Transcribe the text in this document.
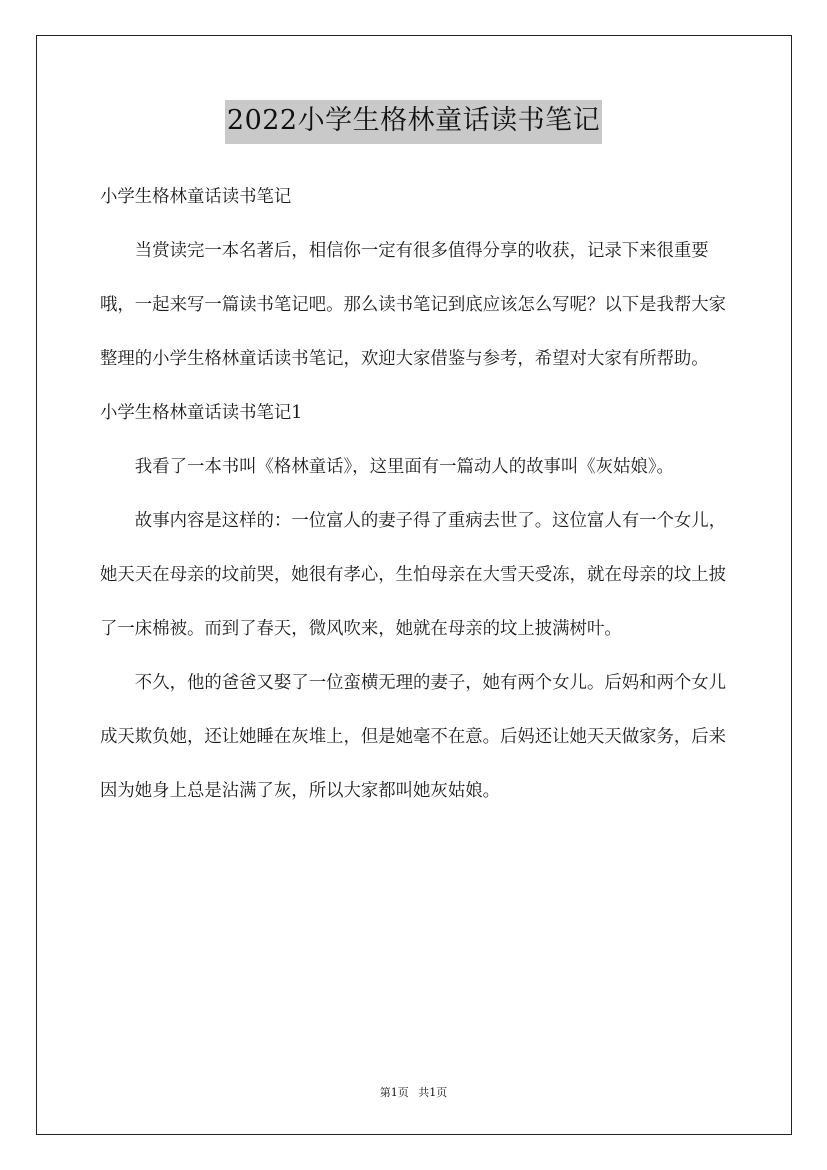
2022小学生格林童话读书笔记

小学生格林童话读书笔记

当赏读完一本名著后，相信你一定有很多值得分享的收获，记录下来很重要哦，一起来写一篇读书笔记吧。那么读书笔记到底应该怎么写呢？以下是我帮大家整理的小学生格林童话读书笔记，欢迎大家借鉴与参考，希望对大家有所帮助。

小学生格林童话读书笔记1

我看了一本书叫《格林童话》，这里面有一篇动人的故事叫《灰姑娘》。

故事内容是这样的：一位富人的妻子得了重病去世了。这位富人有一个女儿，她天天在母亲的坟前哭，她很有孝心，生怕母亲在大雪天受冻，就在母亲的坟上披了一床棉被。而到了春天，微风吹来，她就在母亲的坟上披满树叶。

不久，他的爸爸又娶了一位蛮横无理的妻子，她有两个女儿。后妈和两个女儿成天欺负她，还让她睡在灰堆上，但是她毫不在意。后妈还让她天天做家务，后来因为她身上总是沾满了灰，所以大家都叫她灰姑娘。

第1页 共1页
